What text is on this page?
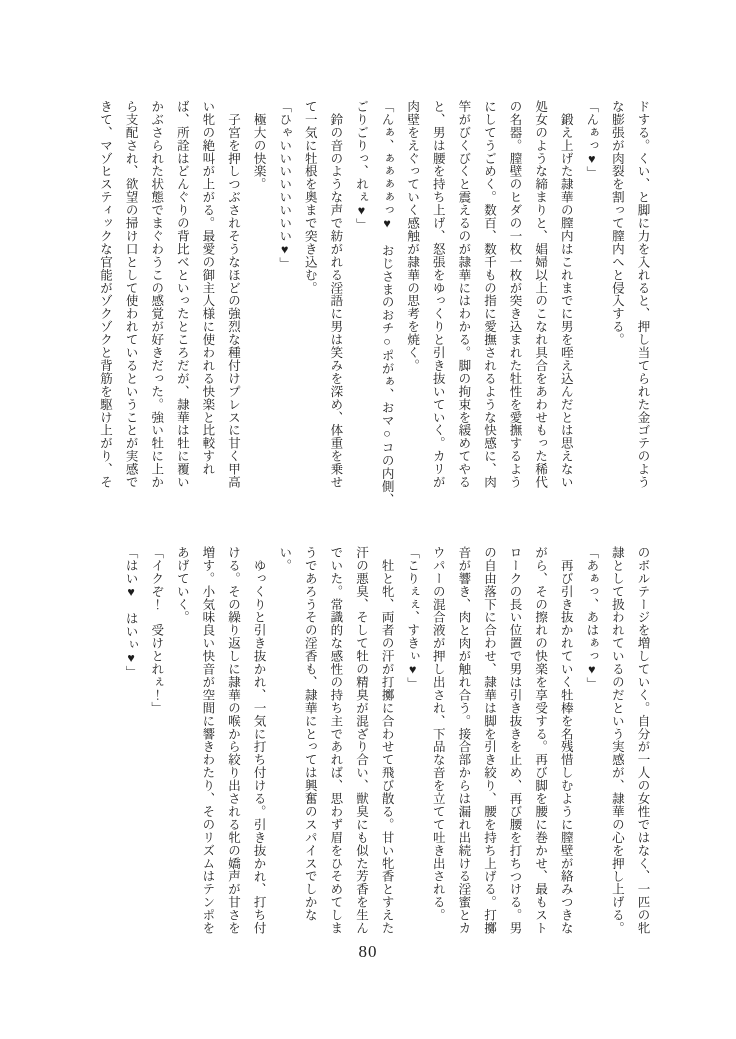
ドする。くい、と脚に力を入れると、押し当てられた金ゴテのよう
な膨張が肉裂を割って膣内へと侵入する。
「んぁっ♥」
　鍛え上げた隷華の膣内はこれまでに男を咥え込んだとは思えない
処女のような締まりと、娼婦以上のこなれ具合をあわせもった稀代
の名器。膣壁のヒダの一枚一枚が突き込まれた牡性を愛撫するよう
にしてうごめく。数百、数千もの指に愛撫されるような快感に、肉
竿がびくびくと震えるのが隷華にはわかる。脚の拘束を緩めてやる
と、男は腰を持ち上げ、怒張をゆっくりと引き抜いていく。カリが
肉壁をえぐっていく感触が隷華の思考を焼く。
「んぁ、ぁぁぁぁっ♥　おじさまのおチ○ポがぁ、おマ○コの内側、
ごりごりっ、れぇ♥」
　鈴の音のような声で紡がれる淫語に男は笑みを深め、体重を乗せ
て一気に牡根を奥まで突き込む。
「ひゃいいいいいいいい♥」
　極大の快楽。
　子宮を押しつぶされそうなほどの強烈な種付けプレスに甘く甲高
い牝の絶叫が上がる。最愛の御主人様に使われる快楽と比較すれ
ば、所詮はどんぐりの背比べといったところだが、隷華は牡に覆い
かぶさられた状態でまぐわうこの感覚が好きだった。強い牡に上か
ら支配され、欲望の掃け口として使われているということが実感で
きて、マゾヒスティックな官能がゾクゾクと背筋を駆け上がり、そ
のボルテージを増していく。自分が一人の女性ではなく、一匹の牝
隷として扱われているのだという実感が、隷華の心を押し上げる。
「あぁっ、あはぁっ♥」
　再び引き抜かれていく牡棒を名残惜しむように膣壁が絡みつきな
がら、その擦れの快楽を享受する。再び脚を腰に巻かせ、最もスト
ロークの長い位置で男は引き抜きを止め、再び腰を打ちつける。男
の自由落下に合わせ、隷華は脚を引き絞り、腰を持ち上げる。打擲
音が響き、肉と肉が触れ合う。接合部からは漏れ出続ける淫蜜とカ
ウパーの混合液が押し出され、下品な音を立てて吐き出される。
「こりぇぇ、すきぃ♥」
　牡と牝、両者の汗が打擲に合わせて飛び散る。甘い牝香とすえた
汗の悪臭、そして牡の精臭が混ざり合い、獣臭にも似た芳香を生ん
でいた。常識的な感性の持ち主であれば、思わず眉をひそめてしま
うであろうその淫香も、隷華にとっては興奮のスパイスでしかな
い。
　ゆっくりと引き抜かれ、一気に打ち付ける。引き抜かれ、打ち付
ける。その繰り返しに隷華の喉から絞り出される牝の嬌声が甘さを
増す。小気味良い快音が空間に響きわたり、そのリズムはテンポを
あげていく。
「イクぞ！　受けとれぇ！」
「はい♥　はいぃ♥」
80
